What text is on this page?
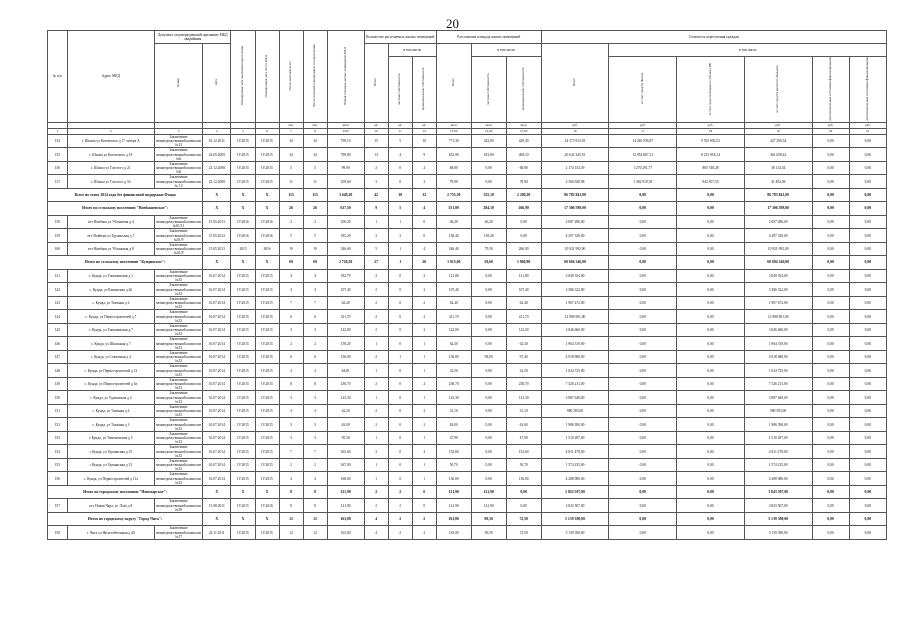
20
№ п/п	Адрес МКД	Документ, подтверждающий признание МКД аварийным		Планируемая дата окончания переселения	Планируемая дата сноса МКД	Число жителей всего	Число жителей планируемых к переселению	Общая площадь жилых помещений МКД	Количество расселяемых жилых помещений			Расселяемая площадь жилых помещений			Стоимость переселения граждан					
		Номер	Дата						Всего	в том числе		Всего	в том числе		Всего	в том числе				
										частная собственность	муниципальная собственность		частная собственность	муниципальная собственность		за счет средств Фонда	за счет средств бюджета субъекта РФ	за счет средств местного бюджета	Дополнительные источники финансирования	Дополнительные источники финансирования
						чел.	чел.	кв.м	ед.	ед.	ед.	кв.м	кв.м	кв.м	руб.	руб.	руб.	руб.	руб.	руб.
1	2	3	4	5	6	7	8	9,00	10	11	12	13,00	14,00	15,00	16	17	18	19	20	21
134	г. Шилка ул Котовского д 17 литера А	Заключение межведомственной комиссии №13	01.12.2011	IV.2015	IV.2015	34	34	798,10	15	5	10	771,30	342,00	429,30	24 373 913,93	14 240 936,87	9 765 692,52	427 290,54	0,00	0,00
135	г. Шилка ул Котовского д 19	Заключение межведомственной комиссии №6	24.05.2009	IV.2015	IV.2015	34	34	799,80	13	4	9	652,90	183,80	469,10	20 632 345,91	12 054 867,31	8 215 818,14	361 658,42	0,00	0,00
136	г. Шилка ул Толстого д 21	Заключение межведомственной комиссии №8	23.12.2008	IV.2015	IV.2015	5	5	99,90	2	0	2	68,80	0,00	68,80	2 174 154,39	1 270 291,77	865 748,28	38 114,34	0,00	0,00
137	г. Шилка ул Толстого д 54	Заключение межведомственной комиссии № 10	23.12.2008	IV.2015	IV.2015	11	11	109,60	3	0	3	79,90	0,00	79,90	2 366 928,98	1 382 919,39	942 507,53	41 492,06	0,00	0,00
Всего по этапу 2014 года без финансовой поддержки Фонда			X	X	X	115	115	3 649,20	42	10	32	2 755,30	555,10	2 200,20	86 783 841,00	0,00	0,00	86 783 841,00	0,00	0,00
Итого по сельскому поселению "Новбышевское":			X	X	X	26	26	637,50	9	5	4	551,00	284,10	266,90	17 306 598,00	0,00	0,00	17 306 598,00	0,00	0,00
158	пгт Новбыш ул Ублановая д 4	Заключение межведомственной комиссии №01/11	15.05.2013	IV.2016	IV.2016	2	2	106,20	1	1	0	46,20	46,20	0,00	2 087 286,00	0,00	0,00	2 087 286,00	0,00	0,00
159	пгт Новбыш ул Грузинская д 7	Заключение межведомственной комиссии №01/9	15.05.2013	IV.2016	IV.2016	5	5	185,20	3	3	0	138,40	138,40	0,00	4 297 320,00	0,00	0,00	4 297 320,00	0,00	0,00
160	пгт Новбыш ул Ублановая д 8	Заключение межведомственной комиссии №01/8	15.05.2013	2015	2016	19	19	346,60	5	1	4	346,40	79,50	266,90	10 921 992,00	0,00	0,00	10 921 992,00	0,00	0,00
Итого по сельскому поселению "Кундинское":			X	X	X	69	69	2 726,50	27	1	26	1 915,60	58,60	1 860,80	60 694 346,00	0,00	0,00	60 694 346,00	0,00	0,00
141	с. Кунда, ул Тимоненская д 1	Заключение межведомственной комиссии №33	16.07.2014	IV.2015	IV.2015	4	4	182,70	2	0	2	121,80	0,00	121,80	3 849 354,00	0,00	0,00	3 849 354,00	0,00	0,00
142	с. Кунда, ул Витимская д 26	Заключение межведомственной комиссии №33	16.07.2014	IV.2015	IV.2015	4	4	107,40	2	0	2	107,40	0,00	107,40	3 386 322,00	0,00	0,00	3 386 322,00	0,00	0,00
143	с. Кунда, ул Таежная д 2	Заключение межведомственной комиссии №33	16.07.2014	IV.2015	IV.2015	7	7	62,40	2	0	2	62,40	0,00	62,40	1 967 472,00	0,00	0,00	1 967 472,00	0,00	0,00
144	с. Кунда, ул Первостроителей д 7	Заключение межведомственной комиссии №33	16.07.2014	IV.2015	IV.2015	6	6	411,70	2	0	2	411,70	0,00	411,70	12 980 901,00	0,00	0,00	12 980 901,00	0,00	0,00
145	с. Кунда, ул Тимоненская д 7	Заключение межведомственной комиссии №33	16.07.2014	IV.2015	IV.2015	3	3	122,00	2	0	2	122,00	0,00	122,00	3 846 660,00	0,00	0,00	3 846 660,00	0,00	0,00
146	с. Кунда, ул Школьная д 7	Заключение межведомственной комиссии №33	16.07.2014	IV.2015	IV.2015	2	2	158,20	1	0	1	62,30	0,00	62,30	1 964 319,00	0,00	0,00	1 964 319,00	0,00	0,00
147	с. Кунда, ул Совхозная д 4	Заключение межведомственной комиссии №33	16.07.2014	IV.2015	IV.2015	6	6	156,00	2	1	1	156,00	98,00	97,40	4 918 680,00	0,00	0,00	4 918 680,00	0,00	0,00
148	с. Кунда, ул Первостроителей д 13	Заключение межведомственной комиссии №33	16.07.2014	IV.2015	IV.2015	2	2	64,81	1	0	1	32,50	0,00	32,50	1 024 725,00	0,00	0,00	1 024 725,00	0,00	0,00
149	с. Кунда, ул Первостроителей д 5а	Заключение межведомственной комиссии №33	16.07.2014	IV.2015	IV.2015	8	8	238,70	2	0	2	238,70	0,00	238,70	7 526 211,00	0,00	0,00	7 526 211,00	0,00	0,00
150	с. Кунда, ул Удоканская д 2	Заключение межведомственной комиссии №33	16.07.2014	IV.2015	IV.2015	3	3	123,30	1	0	1	123,30	0,00	123,30	3 887 649,00	0,00	0,00	3 887 649,00	0,00	0,00
151	с. Кунда, ул Таежная д 4	Заключение межведомственной комиссии №33	16.07.2014	IV.2015	IV.2015	3	3	62,20	2	0	2	31,10	0,00	31,10	980 583,00	0,00	0,00	980 583,00	0,00	0,00
152	с. Кунда, ул Таежная д 3	Заключение межведомственной комиссии №33	16.07.2014	IV.2015	IV.2015	3	3	63,00	2	0	2	63,00	0,00	63,00	1 986 390,00	0,00	0,00	1 986 390,00	0,00	0,00
153	с Кунда, ул Тимоненская д 5	Заключение межведомственной комиссии №33	16.07.2014	IV.2015	IV.2015	3	3	95,50	1	0	1	47,90	0,00	47,90	1 510 287,00	0,00	0,00	1 510 287,00	0,00	0,00
154	с Кунда, ул Удоканская д 15	Заключение межведомственной комиссии №33	16.07.2014	IV.2015	IV.2015	7	7	365,60	3	0	3	152,60	0,00	152,60	4 811 478,00	0,00	0,00	4 811 478,00	0,00	0,00
155	с Кунда, ул Удоканская д 13	Заключение межведомственной комиссии №33	16.07.2014	IV.2015	IV.2015	2	2	367,00	1	0	1	50,70	0,00	50,70	1 574 235,00	0,00	0,00	1 574 235,00	0,00	0,00
156	с. Кунда, ул Первостроителей д 11а	Заключение межведомственной комиссии №33	16.07.2014	IV.2015	IV.2015	2	2	168,00	1	0	1	136,00	0,00	136,00	4 288 080,00	0,00	0,00	4 288 080,00	0,00	0,00
Итого по городскому поселению "Новочарское":			X	X	X	8	8	121,90	2	2	0	121,90	121,90	0,00	3 843 507,00	0,00	0,00	3 843 507,00	0,00	0,00
157	пгт Новая Чара, ул. Лаза д 8	Заключение межведомственной комиссии №39	15.08.2011	IV.2015	IV.2016	8	8	121,90	2	2	0	121,90	121,90	0,00	3 843 507,00	0,00	0,00	3 843 507,00	0,00	0,00
Итого по городскому округу "Город Чита":			X	X	X	12	12	163,00	4	2	2	163,00	90,50	72,50	5 139 390,00	0,00	0,00	5 139 390,00	0,00	0,00
158	г. Чита ул Железобетонная д 40	Заключение межведомственной комиссии №17	24.11.2011	IV.2015	IV.2015	12	12	163,00	4	2	2	163,00	90,50	72,50	5 139 390,00	0,00	0,00	5 139 390,00	0,00	0,00
